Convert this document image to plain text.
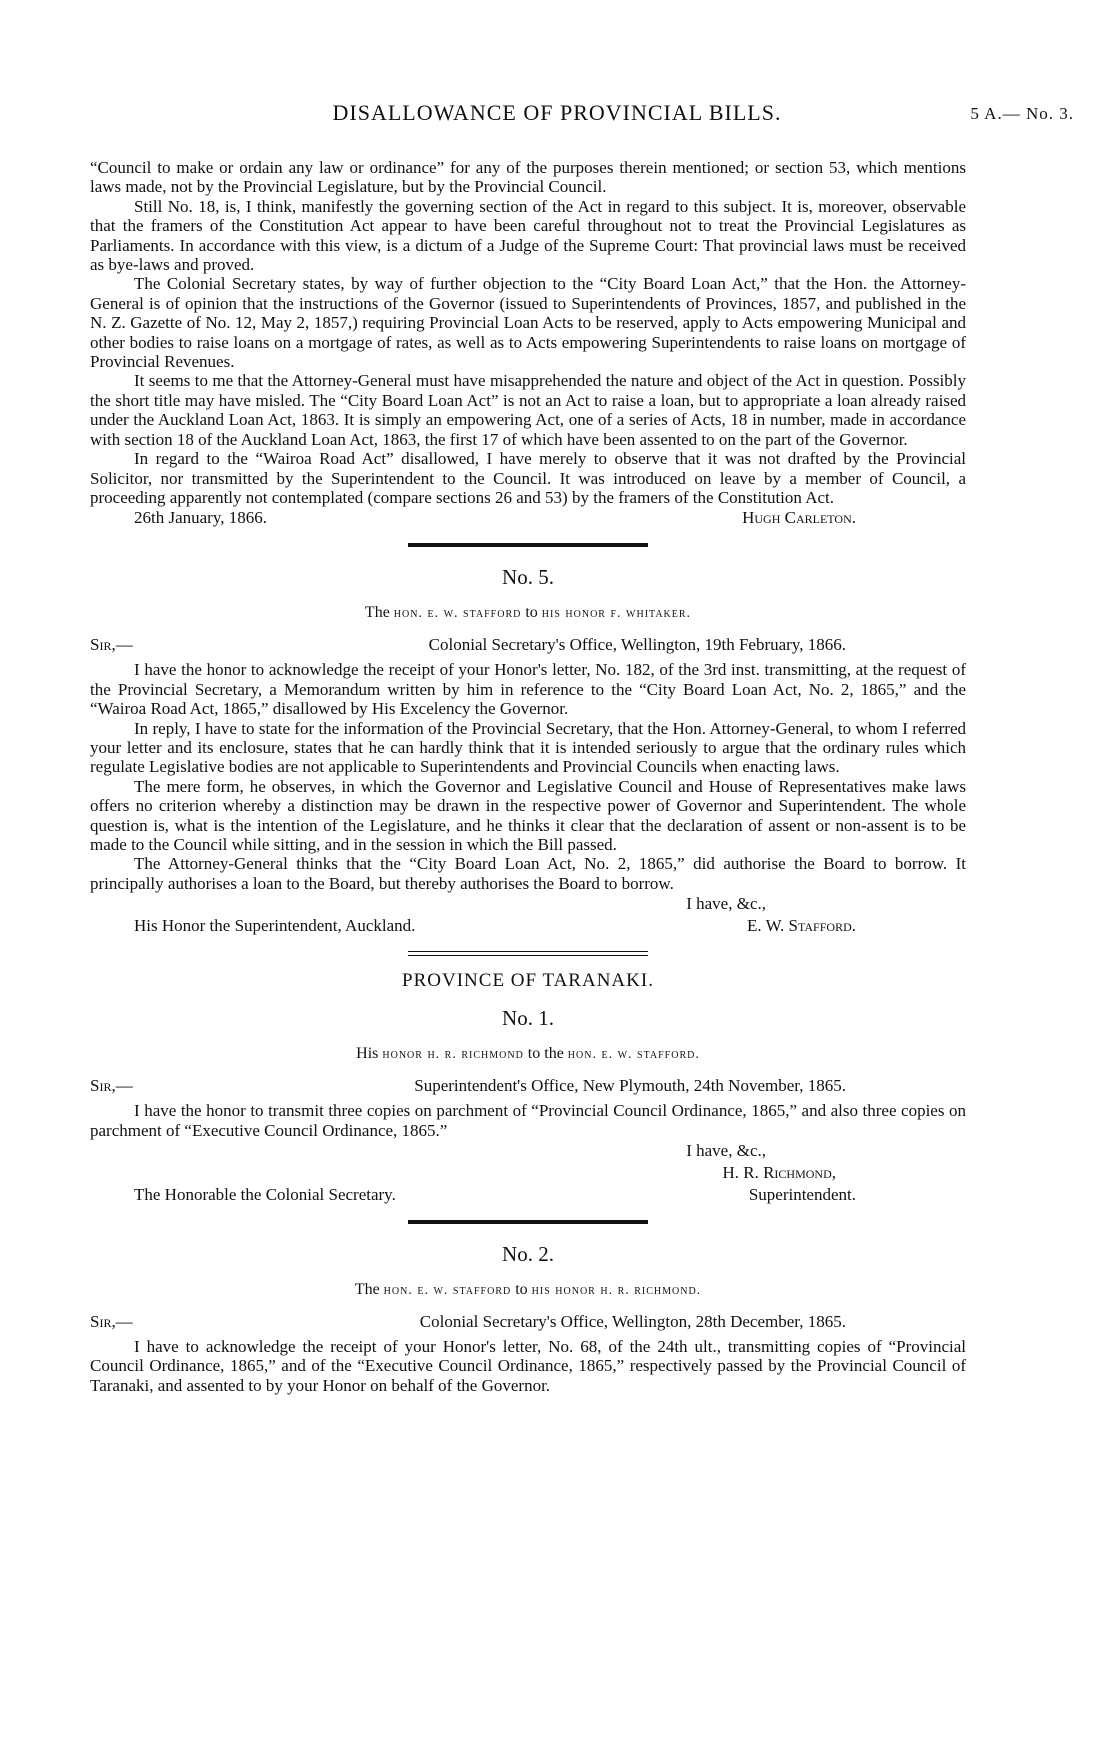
DISALLOWANCE OF PROVINCIAL BILLS.	5 A.— No. 3.

“Council to make or ordain any law or ordinance” for any of the purposes therein mentioned; or section 53, which mentions laws made, not by the Provincial Legislature, but by the Provincial Council.

Still No. 18, is, I think, manifestly the governing section of the Act in regard to this subject. It is, moreover, observable that the framers of the Constitution Act appear to have been careful throughout not to treat the Provincial Legislatures as Parliaments. In accordance with this view, is a dictum of a Judge of the Supreme Court: That provincial laws must be received as bye-laws and proved.

The Colonial Secretary states, by way of further objection to the “City Board Loan Act,” that the Hon. the Attorney-General is of opinion that the instructions of the Governor (issued to Superintendents of Provinces, 1857, and published in the N. Z. Gazette of No. 12, May 2, 1857,) requiring Provincial Loan Acts to be reserved, apply to Acts empowering Municipal and other bodies to raise loans on a mortgage of rates, as well as to Acts empowering Superintendents to raise loans on mortgage of Provincial Revenues.

It seems to me that the Attorney-General must have misapprehended the nature and object of the Act in question. Possibly the short title may have misled. The “City Board Loan Act” is not an Act to raise a loan, but to appropriate a loan already raised under the Auckland Loan Act, 1863. It is simply an empowering Act, one of a series of Acts, 18 in number, made in accordance with section 18 of the Auckland Loan Act, 1863, the first 17 of which have been assented to on the part of the Governor.

In regard to the “Wairoa Road Act” disallowed, I have merely to observe that it was not drafted by the Provincial Solicitor, nor transmitted by the Superintendent to the Council. It was introduced on leave by a member of Council, a proceeding apparently not contemplated (compare sections 26 and 53) by the framers of the Constitution Act.

26th January, 1866.	Hugh Carleton.
No. 5.
The hon. e. w. stafford to his honor f. whitaker.
Sir,—	Colonial Secretary's Office, Wellington, 19th February, 1866.

I have the honor to acknowledge the receipt of your Honor's letter, No. 182, of the 3rd inst. transmitting, at the request of the Provincial Secretary, a Memorandum written by him in reference to the “City Board Loan Act, No. 2, 1865,” and the “Wairoa Road Act, 1865,” disallowed by His Excelency the Governor.

In reply, I have to state for the information of the Provincial Secretary, that the Hon. Attorney-General, to whom I referred your letter and its enclosure, states that he can hardly think that it is intended seriously to argue that the ordinary rules which regulate Legislative bodies are not applicable to Superintendents and Provincial Councils when enacting laws.

The mere form, he observes, in which the Governor and Legislative Council and House of Representatives make laws offers no criterion whereby a distinction may be drawn in the respective power of Governor and Superintendent. The whole question is, what is the intention of the Legislature, and he thinks it clear that the declaration of assent or non-assent is to be made to the Council while sitting, and in the session in which the Bill passed.

The Attorney-General thinks that the “City Board Loan Act, No. 2, 1865,” did authorise the Board to borrow. It principally authorises a loan to the Board, but thereby authorises the Board to borrow.

I have, &c.,
His Honor the Superintendent, Auckland.	E. W. Stafford.
PROVINCE OF TARANAKI.
No. 1.
His honor h. r. richmond to the hon. e. w. stafford.
Sir,—	Superintendent's Office, New Plymouth, 24th November, 1865.

I have the honor to transmit three copies on parchment of “Provincial Council Ordinance, 1865,” and also three copies on parchment of “Executive Council Ordinance, 1865.”

I have, &c.,
H. R. Richmond,
The Honorable the Colonial Secretary.	Superintendent.
No. 2.
The hon. e. w. stafford to his honor h. r. richmond.
Sir,—	Colonial Secretary's Office, Wellington, 28th December, 1865.

I have to acknowledge the receipt of your Honor's letter, No. 68, of the 24th ult., transmitting copies of “Provincial Council Ordinance, 1865,” and of the “Executive Council Ordinance, 1865,” respectively passed by the Provincial Council of Taranaki, and assented to by your Honor on behalf of the Governor.
